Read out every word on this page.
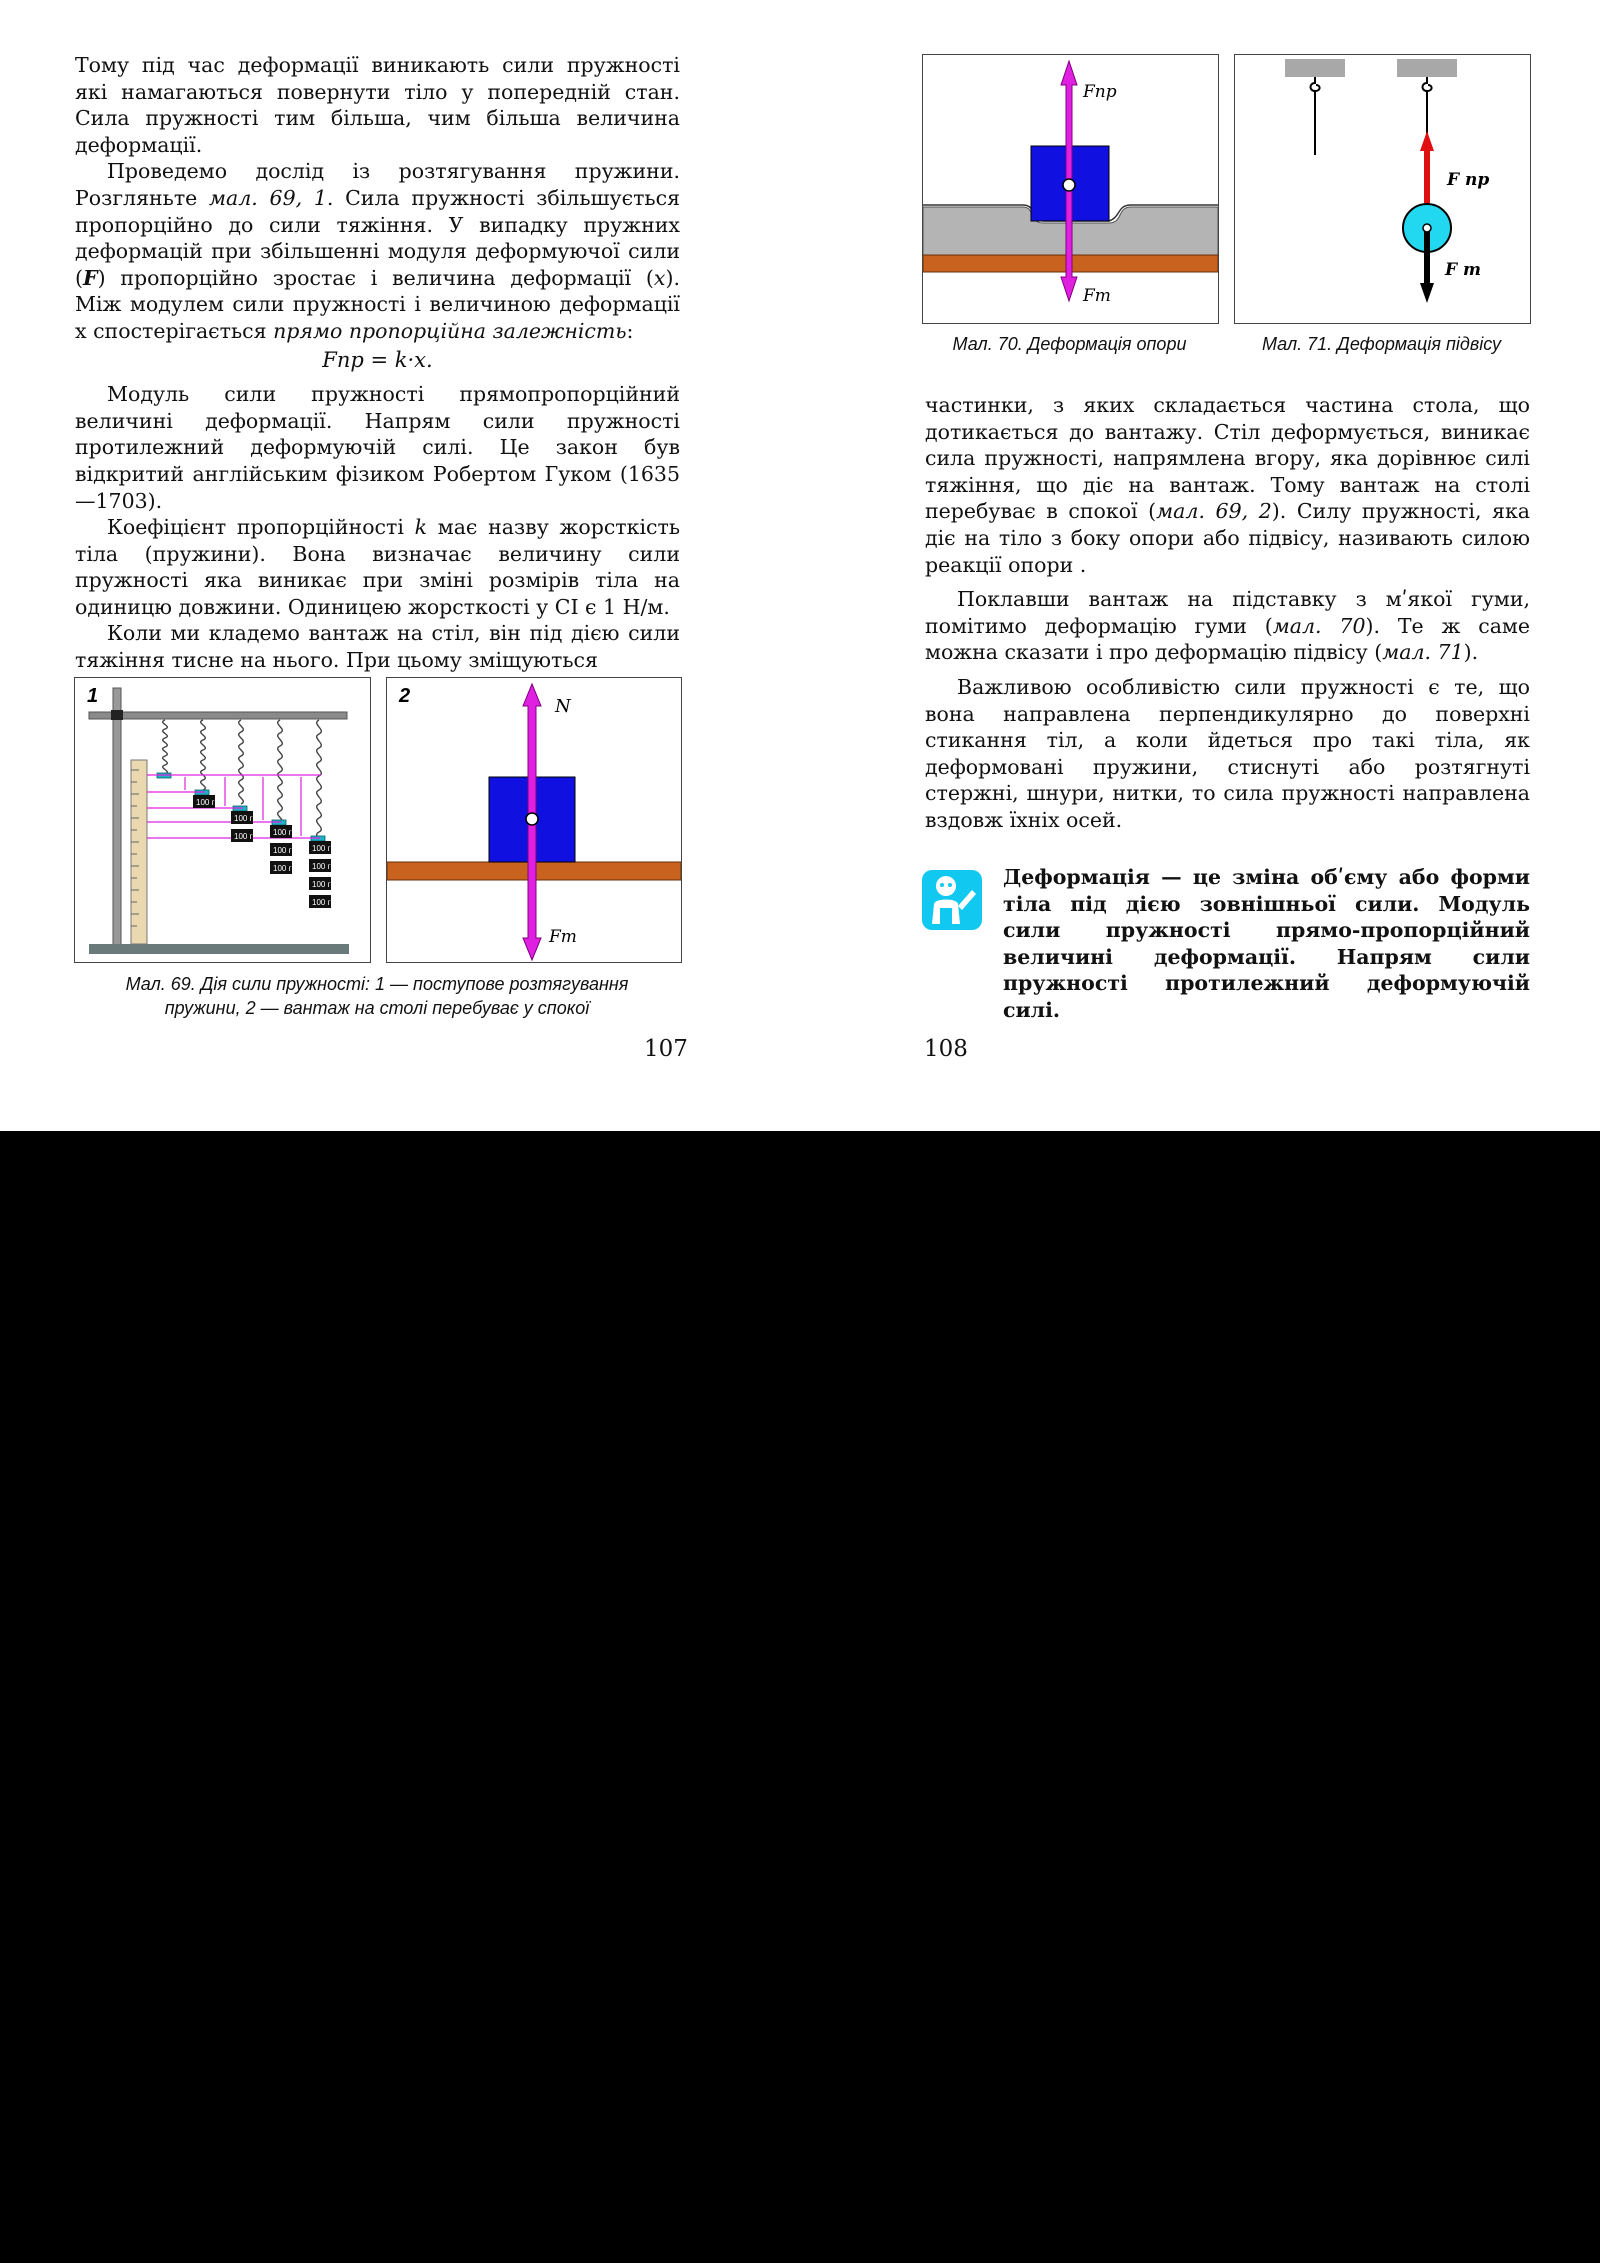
Тому під час деформації виникають сили пружності які намагаються повернути тіло у попередній стан. Сила пружності тим більша, чим більша величина деформації.

Проведемо дослід із розтягування пружини. Розгляньте мал. 69, 1. Сила пружності збільшується пропорційно до сили тяжіння. У випадку пружних деформацій при збільшенні модуля деформуючої сили (F) пропорційно зростає і величина деформації (x). Між модулем сили пружності і величиною деформації х спостерігається прямо пропорційна залежність:

Fпр = k·x.

Модуль сили пружності прямопропорційний величині деформації. Напрям сили пружності протилежний деформуючій силі. Це закон був відкритий англійським фізиком Робертом Гуком (1635—1703).

Коефіцієнт пропорційності k має назву жорсткість тіла (пружини). Вона визначає величину сили пружності яка виникає при зміні розмірів тіла на одиницю довжини. Одиницею жорсткості у СІ є 1 Н/м.

Коли ми кладемо вантаж на стіл, він під дією сили тяжіння тисне на нього. При цьому зміщуються

1
100 г
100 г
100 г	100 г
100 г
100 г
100 г
100 г
100 г
100 г
2	N
Fт
Мал. 69. Дія сили пружності: 1 — поступове розтягування
пружини, 2 — вантаж на столі перебуває у спокої
107
Fпр
Fт
F пр
F т
Мал. 70. Деформація опори	Мал. 71. Деформація підвісу

частинки, з яких складається частина стола, що дотикається до вантажу. Стіл деформується, виникає сила пружності, напрямлена вгору, яка дорівнює силі тяжіння, що діє на вантаж. Тому вантаж на столі перебуває в спокої (мал. 69, 2). Силу пружності, яка діє на тіло з боку опори або підвісу, називають силою реакції опори .

Поклавши вантаж на підставку з мʹякої гуми, помітимо деформацію гуми (мал. 70). Те ж саме можна сказати і про деформацію підвісу (мал. 71).

Важливою особливістю сили пружності є те, що вона направлена перпендикулярно до поверхні стикання тіл, а коли йдеться про такі тіла, як деформовані пружини, стиснуті або розтягнуті стержні, шнури, нитки, то сила пружності направлена вздовж їхніх осей.

Деформація — це зміна обʹєму або форми тіла під дією зовнішньої сили. Модуль сили пружності прямо-пропорційний величині деформації. Напрям сили пружності протилежний деформуючій силі.
108
